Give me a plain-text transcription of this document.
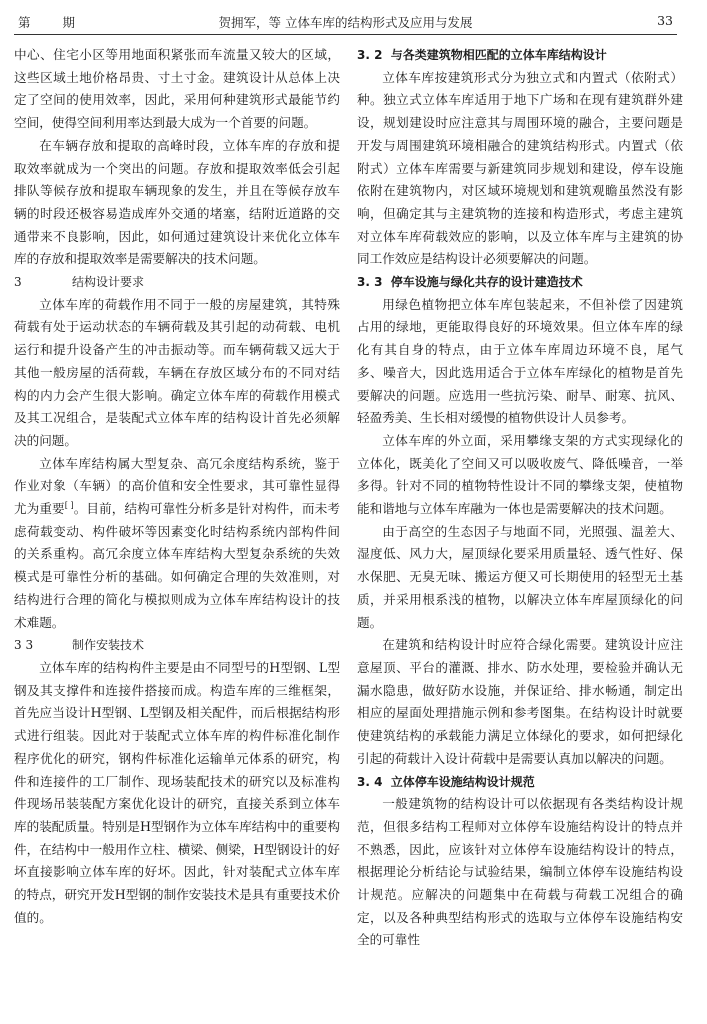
第 期	贺拥军，等 立体车库的结构形式及应用与发展	33

中心、住宅小区等用地面积紧张而车流量又较大的区域，这些区域土地价格昂贵、寸土寸金。建筑设计从总体上决定了空间的使用效率，因此，采用何种建筑形式最能节约空间，使得空间利用率达到最大成为一个首要的问题。

在车辆存放和提取的高峰时段，立体车库的存放和提取效率就成为一个突出的问题。存放和提取效率低会引起排队等候存放和提取车辆现象的发生，并且在等候存放车辆的时段还极容易造成库外交通的堵塞，结附近道路的交通带来不良影响，因此，如何通过建筑设计来优化立体车库的存放和提取效率是需要解决的技术问题。

3	结构设计要求

立体车库的荷载作用不同于一般的房屋建筑，其特殊荷载有处于运动状态的车辆荷载及其引起的动荷载、电机运行和提升设备产生的冲击振动等。而车辆荷载又远大于其他一般房屋的活荷载，车辆在存放区域分布的不同对结构的内力会产生很大影响。确定立体车库的荷载作用模式及其工况组合，是装配式立体车库的结构设计首先必须解决的问题。

立体车库结构属大型复杂、高冗余度结构系统，鉴于作业对象（车辆）的高价值和安全性要求，其可靠性显得尤为重要[ ]。目前，结构可靠性分析多是针对构件，而未考虑荷载变动、构件破坏等因素变化时结构系统内部构件间的关系重构。高冗余度立体车库结构大型复杂系统的失效模式是可靠性分析的基础。如何确定合理的失效准则，对结构进行合理的简化与模拟则成为立体车库结构设计的技术难题。

3 3	制作安装技术

立体车库的结构构件主要是由不同型号的H型钢、L型钢及其支撑件和连接件搭接而成。构造车库的三维框架，首先应当设计H型钢、L型钢及相关配件，而后根据结构形式进行组装。因此对于装配式立体车库的构件标准化制作程序优化的研究，钢构件标准化运输单元体系的研究，构件和连接件的工厂制作、现场装配技术的研究以及标准构件现场吊装装配方案优化设计的研究，直接关系到立体车库的装配质量。特别是H型钢作为立体车库结构中的重要构件，在结构中一般用作立柱、横梁、侧梁，H型钢设计的好坏直接影响立体车库的好坏。因此，针对装配式立体车库的特点，研究开发H型钢的制作安装技术是具有重要技术价值的。

3. 2 与各类建筑物相匹配的立体车库结构设计

立体车库按建筑形式分为独立式和内置式（依附式）种。独立式立体车库适用于地下广场和在现有建筑群外建设，规划建设时应注意其与周围环境的融合，主要问题是开发与周围建筑环境相融合的建筑结构形式。内置式（依附式）立体车库需要与新建筑同步规划和建设，停车设施依附在建筑物内，对区域环境规划和建筑观瞻虽然没有影响，但确定其与主建筑物的连接和构造形式，考虑主建筑对立体车库荷载效应的影响，以及立体车库与主建筑的协同工作效应是结构设计必须要解决的问题。

3. 3 停车设施与绿化共存的设计建造技术

用绿色植物把立体车库包装起来，不但补偿了因建筑占用的绿地，更能取得良好的环境效果。但立体车库的绿化有其自身的特点，由于立体车库周边环境不良，尾气多、噪音大，因此选用适合于立体车库绿化的植物是首先要解决的问题。应选用一些抗污染、耐旱、耐寒、抗风、轻盈秀美、生长相对缓慢的植物供设计人员参考。

立体车库的外立面，采用攀缘支架的方式实现绿化的立体化，既美化了空间又可以吸收废气、降低噪音，一举多得。针对不同的植物特性设计不同的攀缘支架，使植物能和谐地与立体车库融为一体也是需要解决的技术问题。

由于高空的生态因子与地面不同，光照强、温差大、湿度低、风力大，屋顶绿化要采用质量轻、透气性好、保水保肥、无臭无味、搬运方便又可长期使用的轻型无土基质，并采用根系浅的植物，以解决立体车库屋顶绿化的问题。

在建筑和结构设计时应符合绿化需要。建筑设计应注意屋顶、平台的灌溉、排水、防水处理，要检验并确认无漏水隐患，做好防水设施，并保证给、排水畅通，制定出相应的屋面处理措施示例和参考图集。在结构设计时就要使建筑结构的承载能力满足立体绿化的要求，如何把绿化引起的荷载计入设计荷载中是需要认真加以解决的问题。

3. 4 立体停车设施结构设计规范

一般建筑物的结构设计可以依据现有各类结构设计规范，但很多结构工程师对立体停车设施结构设计的特点并不熟悉，因此，应该针对立体停车设施结构设计的特点，根据理论分析结论与试验结果，编制立体停车设施结构设计规范。应解决的问题集中在荷载与荷载工况组合的确定，以及各种典型结构形式的选取与立体停车设施结构安全的可靠性
